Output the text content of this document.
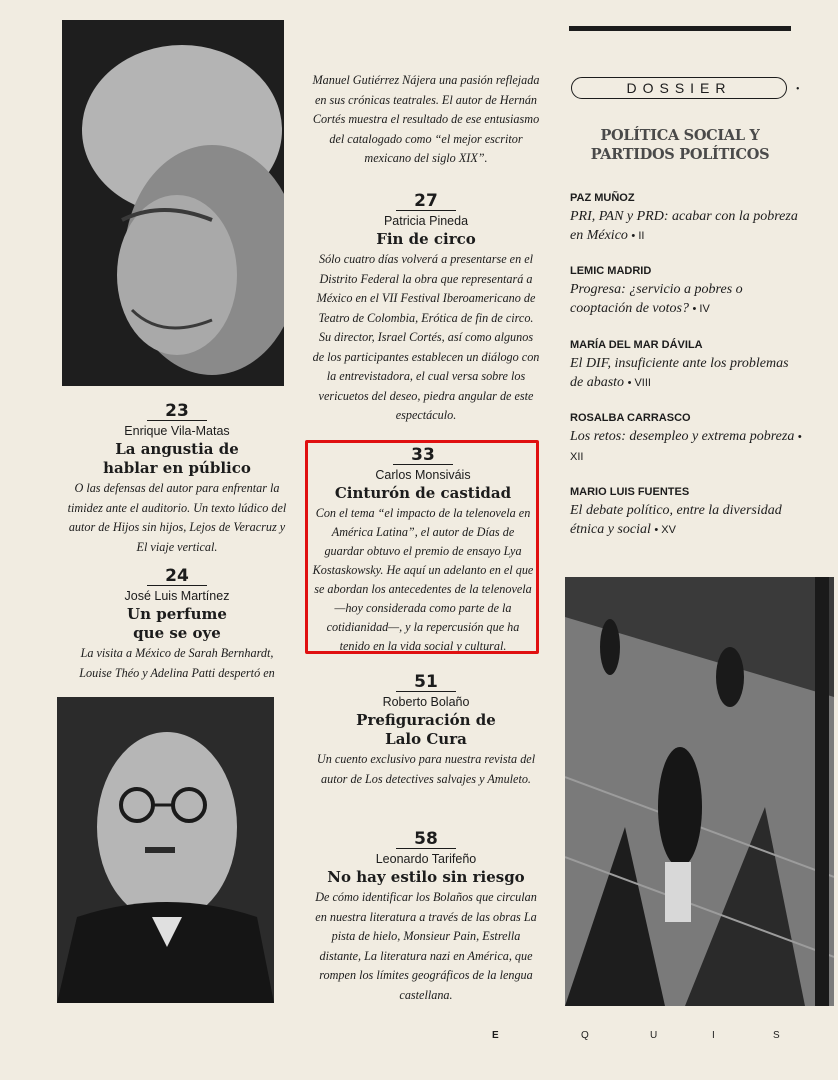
23
Enrique Vila-Matas
La angustia de hablar en público
O las defensas del autor para enfrentar la timidez ante el auditorio. Un texto lúdico del autor de Hijos sin hijos, Lejos de Veracruz y El viaje vertical.
24
José Luis Martínez
Un perfume que se oye
La visita a México de Sarah Bernhardt, Louise Théo y Adelina Patti despertó en
Manuel Gutiérrez Nájera una pasión reflejada en sus crónicas teatrales. El autor de Hernán Cortés muestra el resultado de ese entusiasmo del catalogado como “el mejor escritor mexicano del siglo XIX”.
27
Patricia Pineda
Fin de circo
Sólo cuatro días volverá a presentarse en el Distrito Federal la obra que representará a México en el VII Festival Iberoamericano de Teatro de Colombia, Erótica de fin de circo. Su director, Israel Cortés, así como algunos de los participantes establecen un diálogo con la entrevistadora, el cual versa sobre los vericuetos del deseo, piedra angular de este espectáculo.
33
Carlos Monsiváis
Cinturón de castidad
Con el tema “el impacto de la telenovela en América Latina”, el autor de Días de guardar obtuvo el premio de ensayo Lya Kostaskowsky. He aquí un adelanto en el que se abordan los antecedentes de la telenovela —hoy considerada como parte de la cotidianidad—, y la repercusión que ha tenido en la vida social y cultural.
51
Roberto Bolaño
Prefiguración de Lalo Cura
Un cuento exclusivo para nuestra revista del autor de Los detectives salvajes y Amuleto.
58
Leonardo Tarifeño
No hay estilo sin riesgo
De cómo identificar los Bolaños que circulan en nuestra literatura a través de las obras La pista de hielo, Monsieur Pain, Estrella distante, La literatura nazi en América, que rompen los límites geográficos de la lengua castellana.
DOSSIER	•
POLÍTICA SOCIAL Y PARTIDOS POLÍTICOS
PAZ MUÑOZ
PRI, PAN y PRD: acabar con la pobreza en México • II
LEMIC MADRID
Progresa: ¿servicio a pobres o cooptación de votos? • IV
MARÍA DEL MAR DÁVILA
El DIF, insuficiente ante los problemas de abasto • VIII
ROSALBA CARRASCO
Los retos: desempleo y extrema pobreza • XII
MARIO LUIS FUENTES
El debate político, entre la diversidad étnica y social • XV
E	Q	U	I	S
